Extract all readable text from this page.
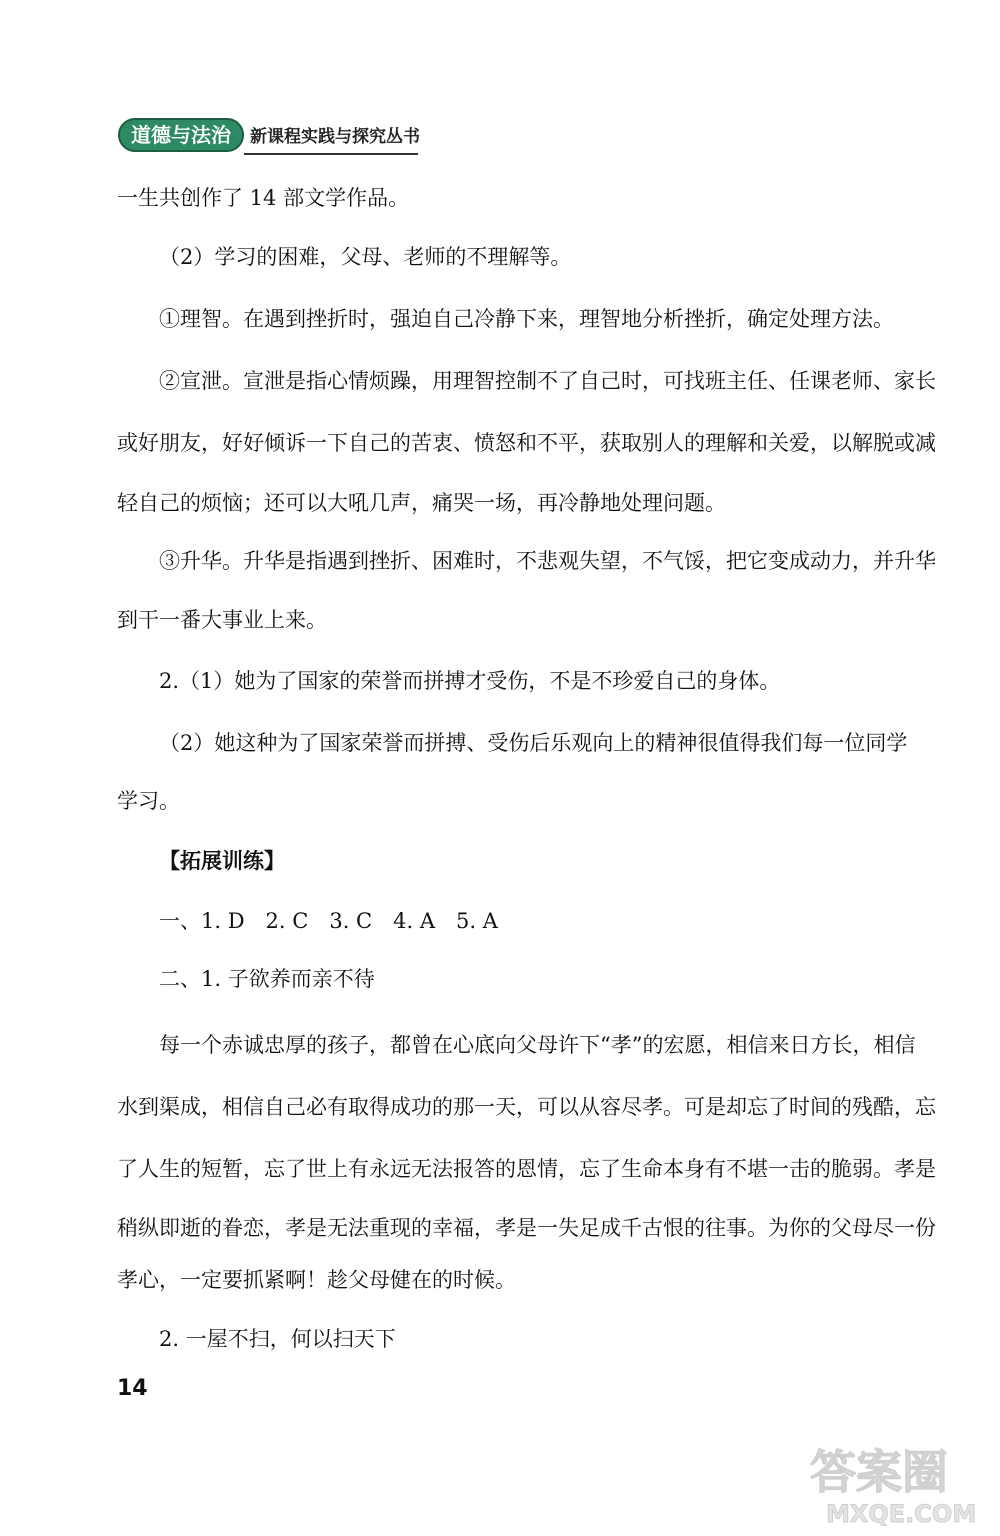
道德与法治	新课程实践与探究丛书
一生共创作了 14 部文学作品。
（2）学习的困难，父母、老师的不理解等。
①理智。在遇到挫折时，强迫自己冷静下来，理智地分析挫折，确定处理方法。
②宣泄。宣泄是指心情烦躁，用理智控制不了自己时，可找班主任、任课老师、家长
或好朋友，好好倾诉一下自己的苦衷、愤怒和不平，获取别人的理解和关爱，以解脱或减
轻自己的烦恼；还可以大吼几声，痛哭一场，再冷静地处理问题。
③升华。升华是指遇到挫折、困难时，不悲观失望，不气馁，把它变成动力，并升华
到干一番大事业上来。
2.（1）她为了国家的荣誉而拼搏才受伤，不是不珍爱自己的身体。
（2）她这种为了国家荣誉而拼搏、受伤后乐观向上的精神很值得我们每一位同学
学习。
【拓展训练】
一、1. D　2. C　3. C　4. A　5. A
二、1. 子欲养而亲不待
每一个赤诚忠厚的孩子，都曾在心底向父母许下“孝”的宏愿，相信来日方长，相信
水到渠成，相信自己必有取得成功的那一天，可以从容尽孝。可是却忘了时间的残酷，忘
了人生的短暂，忘了世上有永远无法报答的恩情，忘了生命本身有不堪一击的脆弱。孝是
稍纵即逝的眷恋，孝是无法重现的幸福，孝是一失足成千古恨的往事。为你的父母尽一份
孝心，一定要抓紧啊！趁父母健在的时候。
2. 一屋不扫，何以扫天下
14
答案圈
MXQE.COM
